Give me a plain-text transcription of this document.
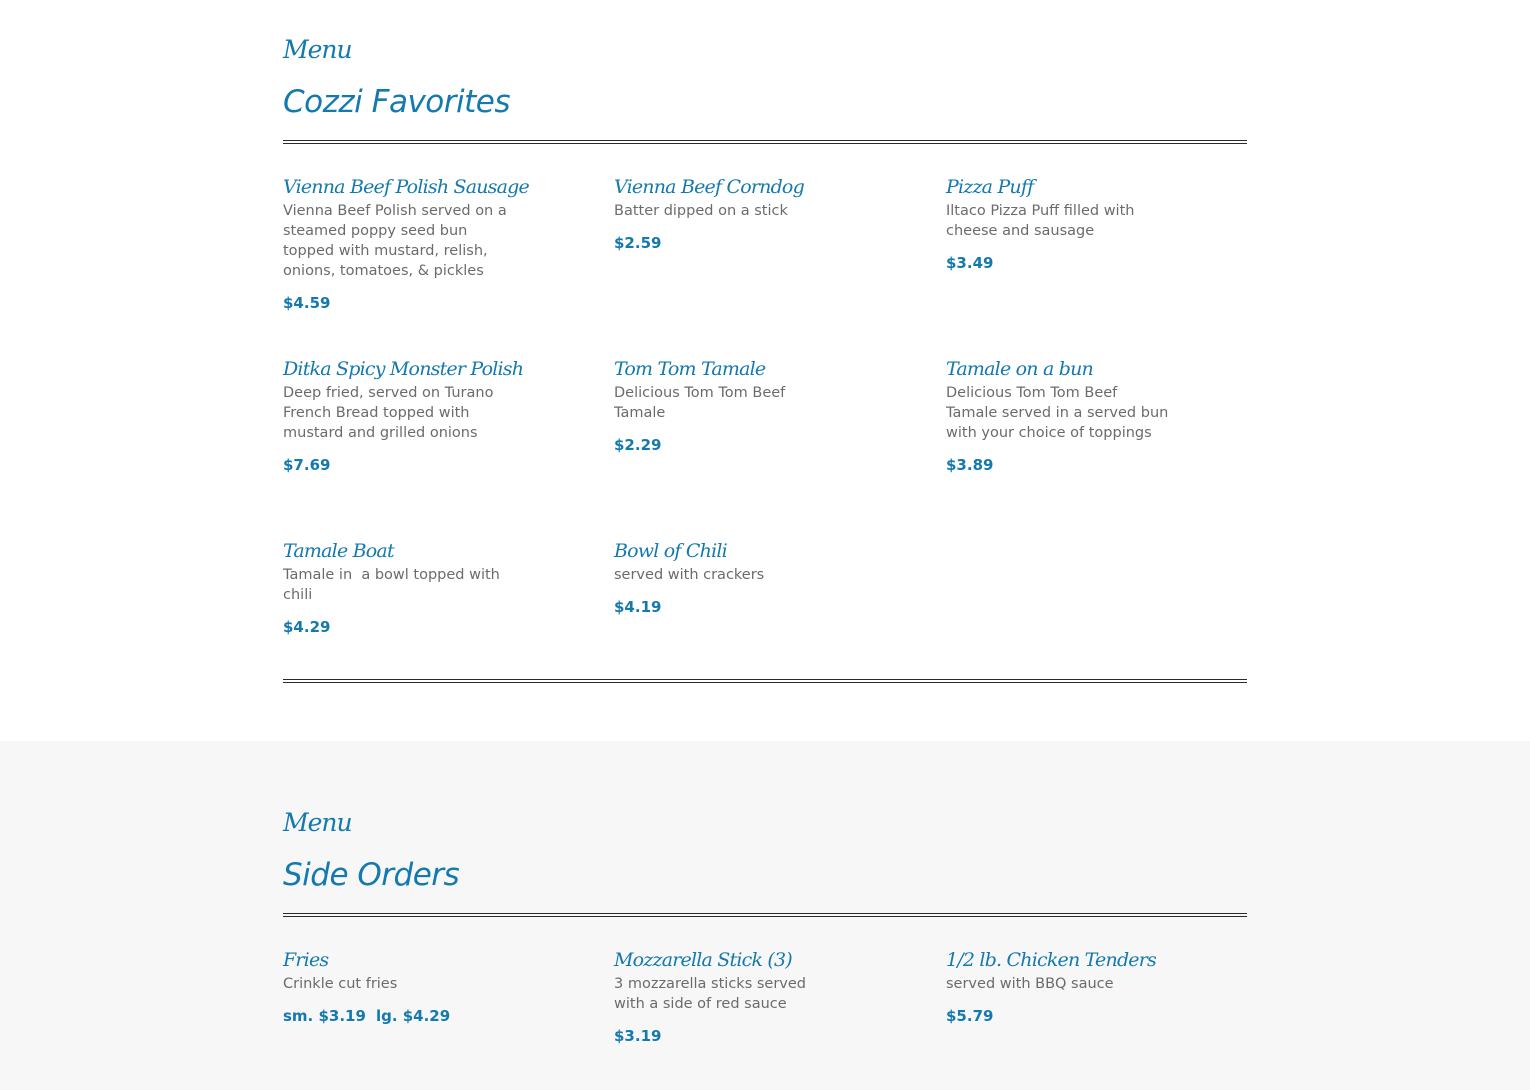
Menu
Cozzi Favorites
Vienna Beef Polish Sausage
Vienna Beef Polish served on a steamed poppy seed bun topped with mustard, relish, onions, tomatoes, & pickles
$4.59
Vienna Beef Corndog
Batter dipped on a stick
$2.59
Pizza Puff
Iltaco Pizza Puff filled with cheese and sausage
$3.49
Ditka Spicy Monster Polish
Deep fried, served on Turano French Bread topped with mustard and grilled onions
$7.69
Tom Tom Tamale
Delicious Tom Tom Beef Tamale
$2.29
Tamale on a bun
Delicious Tom Tom Beef Tamale served in a served bun with your choice of toppings
$3.89
Tamale Boat
Tamale in  a bowl topped with chili
$4.29
Bowl of Chili
served with crackers
$4.19
Menu
Side Orders
Fries
Crinkle cut fries
sm. $3.19 lg. $4.29
Mozzarella Stick (3)
3 mozzarella sticks served with a side of red sauce
$3.19
1/2 lb. Chicken Tenders
served with BBQ sauce
$5.79
